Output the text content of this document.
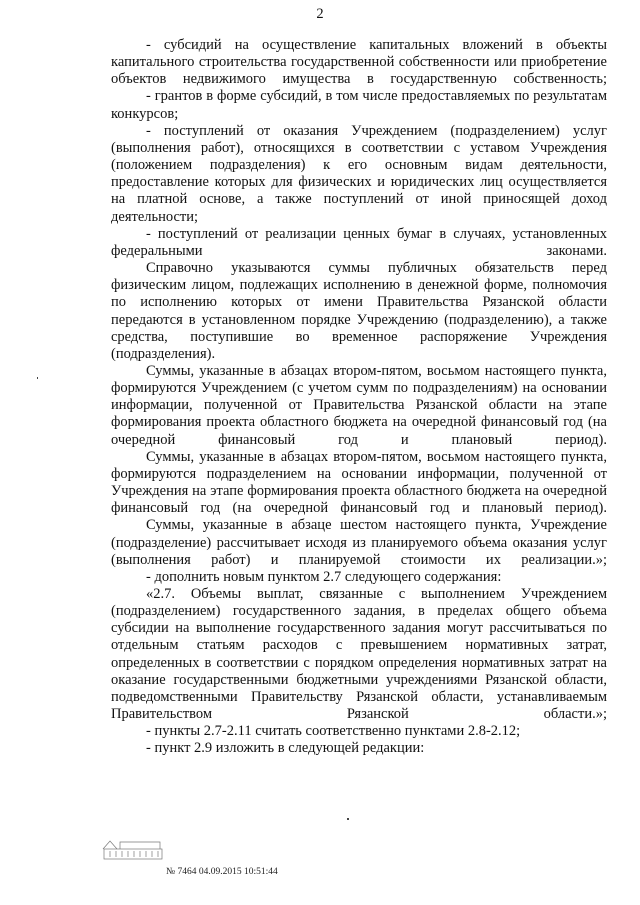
2

- субсидий на осуществление капитальных вложений в объекты капитального строительства государственной собственности или приобретение объектов недвижимого имущества в государственную собственность;

- грантов в форме субсидий, в том числе предоставляемых по результатам конкурсов;

- поступлений от оказания Учреждением (подразделением) услуг (выполнения работ), относящихся в соответствии с уставом Учреждения (положением подразделения) к его основным видам деятельности, предоставление которых для физических и юридических лиц осуществляется на платной основе, а также поступлений от иной приносящей доход деятельности;

- поступлений от реализации ценных бумаг в случаях, установленных федеральными законами.

Справочно указываются суммы публичных обязательств перед физическим лицом, подлежащих исполнению в денежной форме, полномочия по исполнению которых от имени Правительства Рязанской области передаются в установленном порядке Учреждению (подразделению), а также средства, поступившие во временное распоряжение Учреждения (подразделения).

Суммы, указанные в абзацах втором-пятом, восьмом настоящего пункта, формируются Учреждением (с учетом сумм по подразделениям) на основании информации, полученной от Правительства Рязанской области на этапе формирования проекта областного бюджета на очередной финансовый год (на очередной финансовый год и плановый период).

Суммы, указанные в абзацах втором-пятом, восьмом настоящего пункта, формируются подразделением на основании информации, полученной от Учреждения на этапе формирования проекта областного бюджета на очередной финансовый год (на очередной финансовый год и плановый период).

Суммы, указанные в абзаце шестом настоящего пункта, Учреждение (подразделение) рассчитывает исходя из планируемого объема оказания услуг (выполнения работ) и планируемой стоимости их реализации.»;

- дополнить новым пунктом 2.7 следующего содержания:

«2.7. Объемы выплат, связанные с выполнением Учреждением (подразделением) государственного задания, в пределах общего объема субсидии на выполнение государственного задания могут рассчитываться по отдельным статьям расходов с превышением нормативных затрат, определенных в соответствии с порядком определения нормативных затрат на оказание государственными бюджетными учреждениями Рязанской области, подведомственными Правительству Рязанской области, устанавливаемым Правительством Рязанской области.»;

- пункты 2.7-2.11 считать соответственно пунктами 2.8-2.12;

- пункт 2.9 изложить в следующей редакции:

№ 7464 04.09.2015 10:51:44
